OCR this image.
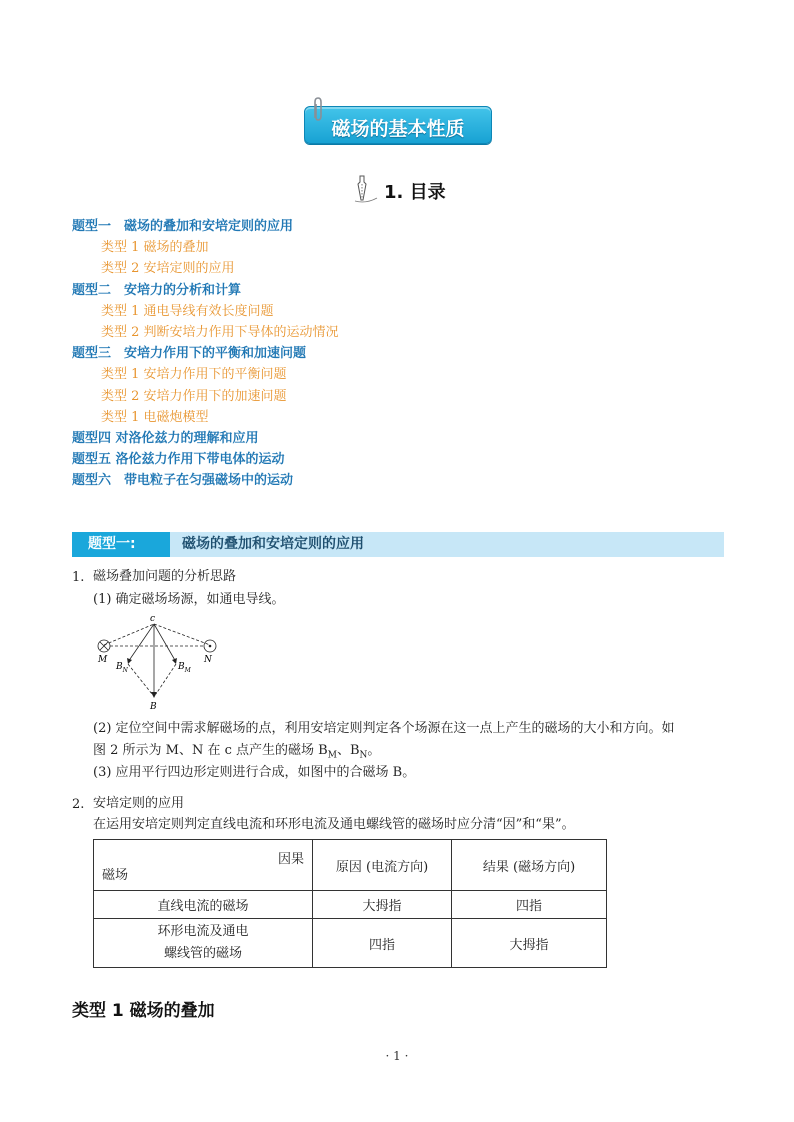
磁场的基本性质
1. 目录
题型一　磁场的叠加和安培定则的应用
类型 1 磁场的叠加
类型 2 安培定则的应用
题型二　安培力的分析和计算
类型 1 通电导线有效长度问题
类型 2 判断安培力作用下导体的运动情况
题型三　安培力作用下的平衡和加速问题
类型 1 安培力作用下的平衡问题
类型 2 安培力作用下的加速问题
类型 1 电磁炮模型
题型四 对洛伦兹力的理解和应用
题型五 洛伦兹力作用下带电体的运动
题型六　带电粒子在匀强磁场中的运动
题型一:	磁场的叠加和安培定则的应用
1. 磁场叠加问题的分析思路
(1) 确定磁场场源，如通电导线。
c
M	N
$B_N$	$B_M$
B
(2) 定位空间中需求解磁场的点，利用安培定则判定各个场源在这一点上产生的磁场的大小和方向。如
图 2 所示为 M、N 在 c 点产生的磁场 $B_M$、$B_N$。
(3) 应用平行四边形定则进行合成，如图中的合磁场 B。
2. 安培定则的应用
在运用安培定则判定直线电流和环形电流及通电螺线管的磁场时应分清“因”和“果”。
因果
磁场	原因 (电流方向)	结果 (磁场方向)
直线电流的磁场	大拇指	四指

环形电流及通电
螺线管的磁场	四指	大拇指
类型 1 磁场的叠加
· 1 ·
